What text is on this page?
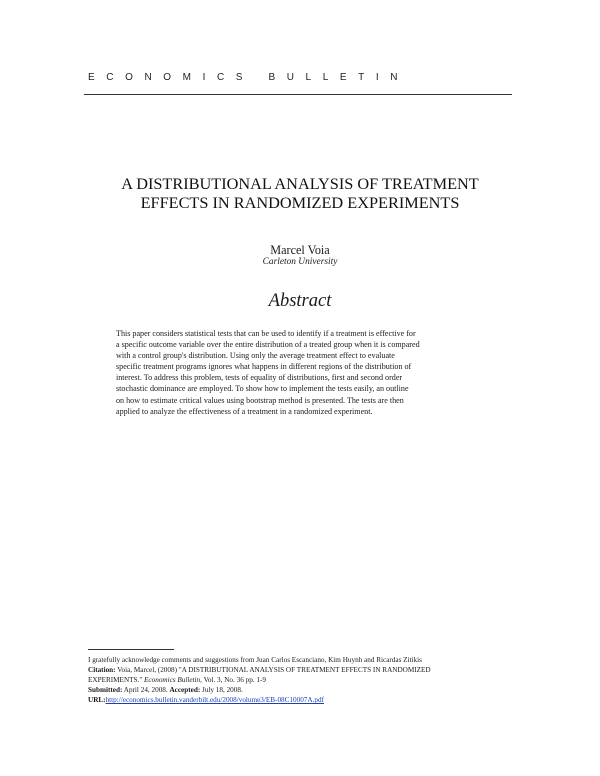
ECONOMICS BULLETIN
A DISTRIBUTIONAL ANALYSIS OF TREATMENT
EFFECTS IN RANDOMIZED EXPERIMENTS
Marcel Voia
Carleton University
Abstract
This paper considers statistical tests that can be used to identify if a treatment is effective for
a specific outcome variable over the entire distribution of a treated group when it is compared
with a control group's distribution. Using only the average treatment effect to evaluate
specific treatment programs ignores what happens in different regions of the distribution of
interest. To address this problem, tests of equality of distributions, first and second order
stochastic dominance are employed. To show how to implement the tests easily, an outline
on how to estimate critical values using bootstrap method is presented. The tests are then
applied to analyze the effectiveness of a treatment in a randomized experiment.
I gratefully acknowledge comments and suggestions from Juan Carlos Escanciano, Kim Huynh and Ricardas Zitikis
Citation: Voia, Marcel, (2008) "A DISTRIBUTIONAL ANALYSIS OF TREATMENT EFFECTS IN RANDOMIZED
EXPERIMENTS." Economics Bulletin, Vol. 3, No. 36 pp. 1-9
Submitted: April 24, 2008. Accepted: July 18, 2008.
URL:http://economics.bulletin.vanderbilt.edu/2008/volume3/EB-08C10007A.pdf
